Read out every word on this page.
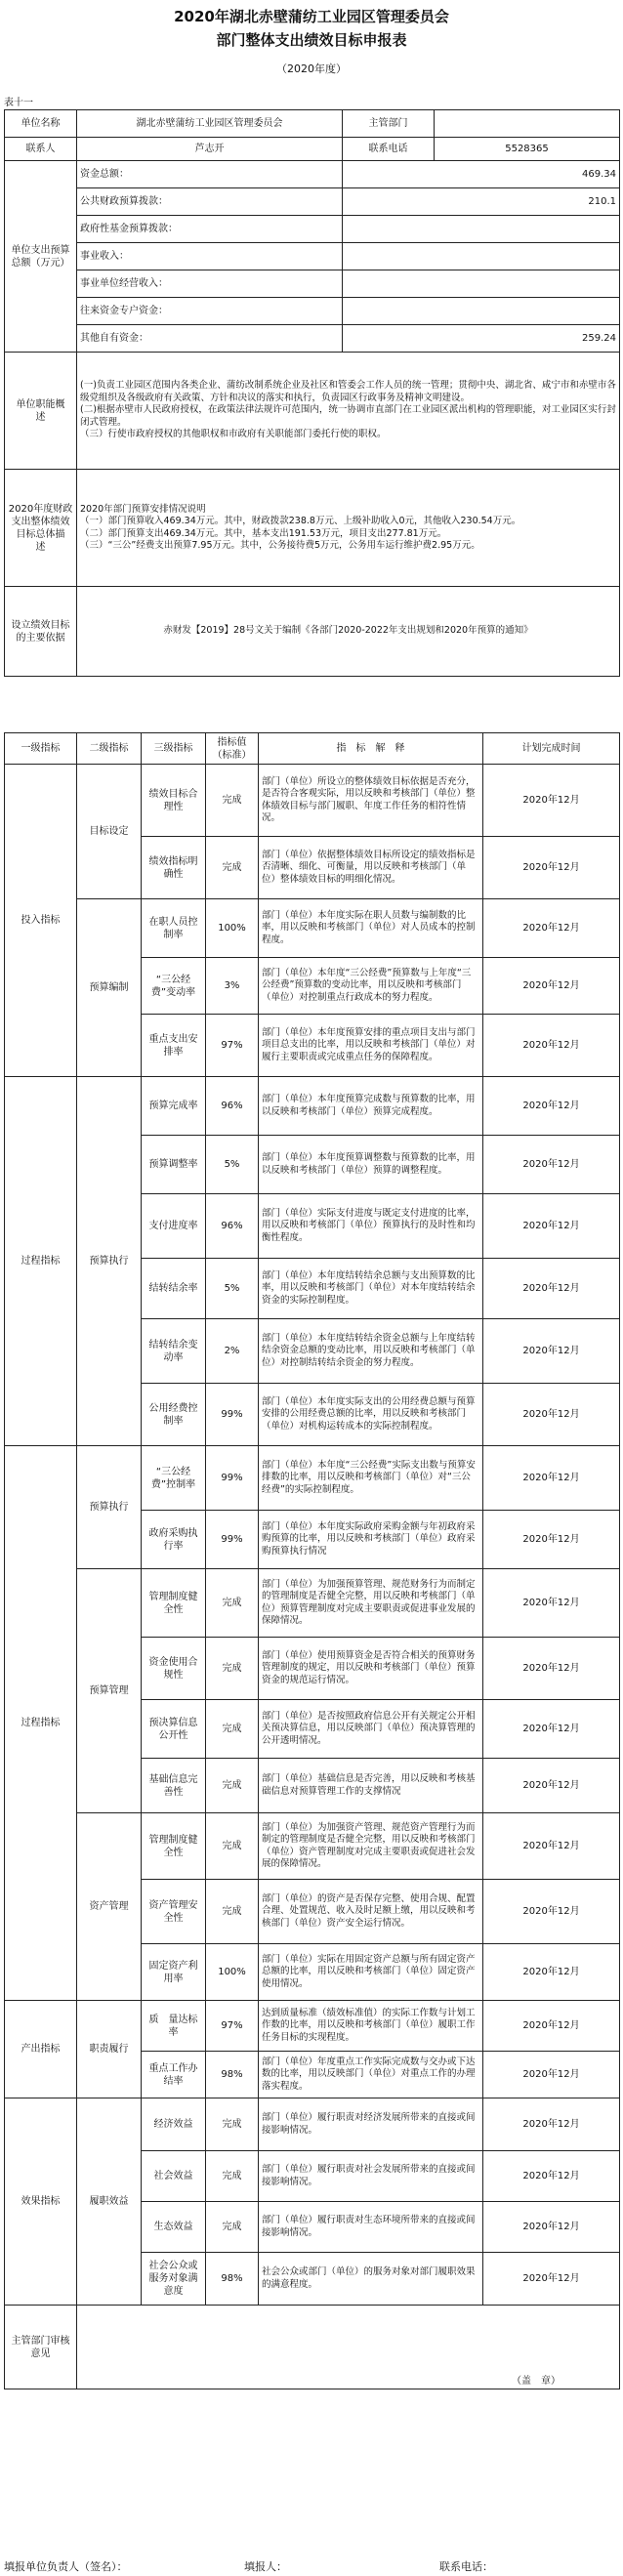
2020年湖北赤壁蒲纺工业园区管理委员会
部门整体支出绩效目标申报表
（2020年度）
表十一
单位名称	湖北赤壁蒲纺工业园区管理委员会	主管部门	
联系人	芦志开	联系电话	5528365
单位支出预算总额（万元）	资金总额：	469.34	
	公共财政预算拨款：	210.1	
	政府性基金预算拨款：		
	事业收入：		
	事业单位经营收入：		
	往来资金专户资金：		
	其他自有资金：	259.24	
单位职能概　述	(一)负责工业园区范围内各类企业、蒲纺改制系统企业及社区和管委会工作人员的统一管理；贯彻中央、湖北省、咸宁市和赤壁市各级党组织及各级政府有关政策、方针和决议的落实和执行，负责园区行政事务及精神文明建设。
(二)根据赤壁市人民政府授权，在政策法律法规许可范围内，统一协调市直部门在工业园区派出机构的管理职能，对工业园区实行封闭式管理。
（三）行使市政府授权的其他职权和市政府有关职能部门委托行使的职权。		

2020年度财政支出整体绩效目标总体描　述	2020年部门预算安排情况说明
（一）部门预算收入469.34万元。其中，财政拨款238.8万元、上级补助收入0元，其他收入230.54万元。
（二）部门预算支出469.34万元。其中，基本支出191.53万元，项目支出277.81万元。
（三）“三公”经费支出预算7.95万元。其中，公务接待费5万元，公务用车运行维护费2.95万元。		

设立绩效目标的主要依据	赤财发【2019】28号文关于编制《各部门2020-2022年支出规划和2020年预算的通知》		
一级指标	二级指标	三级指标	指标值（标准）	指　标　解　释	计划完成时间
投入指标	目标设定	绩效目标合理性	完成	部门（单位）所设立的整体绩效目标依据是否充分，是否符合客观实际，用以反映和考核部门（单位）整体绩效目标与部门履职、年度工作任务的相符性情况。	2020年12月
		绩效指标明确性	完成	部门（单位）依据整体绩效目标所设定的绩效指标是否清晰、细化、可衡量，用以反映和考核部门（单位）整体绩效目标的明细化情况。	2020年12月
	预算编制	在职人员控制率	100%	部门（单位）本年度实际在职人员数与编制数的比率，用以反映和考核部门（单位）对人员成本的控制程度。	2020年12月
		“三公经费”变动率	3%	部门（单位）本年度“三公经费”预算数与上年度“三公经费”预算数的变动比率，用以反映和考核部门（单位）对控制重点行政成本的努力程度。	2020年12月
		重点支出安排率	97%	部门（单位）本年度预算安排的重点项目支出与部门项目总支出的比率，用以反映和考核部门（单位）对履行主要职责或完成重点任务的保障程度。	2020年12月
过程指标	预算执行	预算完成率	96%	部门（单位）本年度预算完成数与预算数的比率，用以反映和考核部门（单位）预算完成程度。	2020年12月
		预算调整率	5%	部门（单位）本年度预算调整数与预算数的比率，用以反映和考核部门（单位）预算的调整程度。	2020年12月
		支付进度率	96%	部门（单位）实际支付进度与既定支付进度的比率，用以反映和考核部门（单位）预算执行的及时性和均衡性程度。	2020年12月
		结转结余率	5%	部门（单位）本年度结转结余总额与支出预算数的比率，用以反映和考核部门（单位）对本年度结转结余资金的实际控制程度。	2020年12月
		结转结余变动率	2%	部门（单位）本年度结转结余资金总额与上年度结转结余资金总额的变动比率，用以反映和考核部门（单位）对控制结转结余资金的努力程度。	2020年12月
		公用经费控制率	99%	部门（单位）本年度实际支出的公用经费总额与预算安排的公用经费总额的比率，用以反映和考核部门（单位）对机构运转成本的实际控制程度。	2020年12月
过程指标	预算执行	“三公经费”控制率	99%	部门（单位）本年度“三公经费”实际支出数与预算安排数的比率，用以反映和考核部门（单位）对“三公经费”的实际控制程度。	2020年12月
		政府采购执行率	99%	部门（单位）本年度实际政府采购金额与年初政府采购预算的比率，用以反映和考核部门（单位）政府采购预算执行情况	2020年12月
	预算管理	管理制度健全性	完成	部门（单位）为加强预算管理、规范财务行为而制定的管理制度是否健全完整，用以反映和考核部门（单位）预算管理制度对完成主要职责或促进事业发展的保障情况。	2020年12月
		资金使用合规性	完成	部门（单位）使用预算资金是否符合相关的预算财务管理制度的规定，用以反映和考核部门（单位）预算资金的规范运行情况。	2020年12月
		预决算信息公开性	完成	部门（单位）是否按照政府信息公开有关规定公开相关预决算信息，用以反映部门（单位）预决算管理的公开透明情况。	2020年12月
		基础信息完善性	完成	部门（单位）基础信息是否完善，用以反映和考核基础信息对预算管理工作的支撑情况	2020年12月
	资产管理	管理制度健全性	完成	部门（单位）为加强资产管理、规范资产管理行为而制定的管理制度是否健全完整，用以反映和考核部门（单位）资产管理制度对完成主要职责或促进社会发展的保障情况。	2020年12月
		资产管理安全性	完成	部门（单位）的资产是否保存完整、使用合规、配置合理、处置规范、收入及时足额上缴，用以反映和考核部门（单位）资产安全运行情况。	2020年12月
		固定资产利用率	100%	部门（单位）实际在用固定资产总额与所有固定资产总额的比率，用以反映和考核部门（单位）固定资产使用情况。	2020年12月
产出指标	职责履行	质　量达标率	97%	达到质量标准（绩效标准值）的实际工作数与计划工作数的比率，用以反映和考核部门（单位）履职工作任务目标的实现程度。	2020年12月
		重点工作办结率	98%	部门（单位）年度重点工作实际完成数与交办或下达数的比率，用以反映部门（单位）对重点工作的办理落实程度。	2020年12月
效果指标	履职效益	经济效益	完成	部门（单位）履行职责对经济发展所带来的直接或间接影响情况。	2020年12月
		社会效益	完成	部门（单位）履行职责对社会发展所带来的直接或间接影响情况。	2020年12月
		生态效益	完成	部门（单位）履行职责对生态环境所带来的直接或间接影响情况。	2020年12月
		社会公众或服务对象满意度	98%	社会公众或部门（单位）的服务对象对部门履职效果的满意程度。	2020年12月
主管部门审核意见	（盖　章）				
填报单位负责人（签名）：	填报人：	联系电话：
